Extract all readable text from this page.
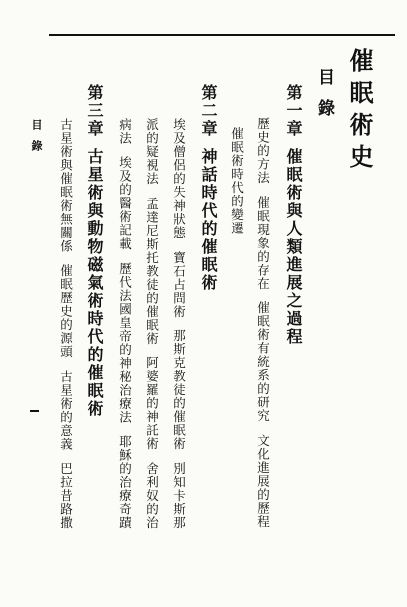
催眠術史
目錄
第一章催眠術與人類進展之過程
歷史的方法催眠現象的存在催眠術有統系的研究文化進展的歷程
催眠術時代的變遷
第二章神話時代的催眠術
埃及僧侶的失神狀態寶石占問術那斯克教徒的催眠術別知卡斯那
派的疑視法孟達尼斯托教徒的催眠術阿婆羅的神託術舍利奴的治
病法埃及的醫術記載歷代法國皇帝的神秘治療法耶穌的治療奇蹟
第三章古星術與動物磁氣術時代的催眠術
古星術與催眠術無關係催眠歷史的源頭古星術的意義巴拉昔路撒
目錄
